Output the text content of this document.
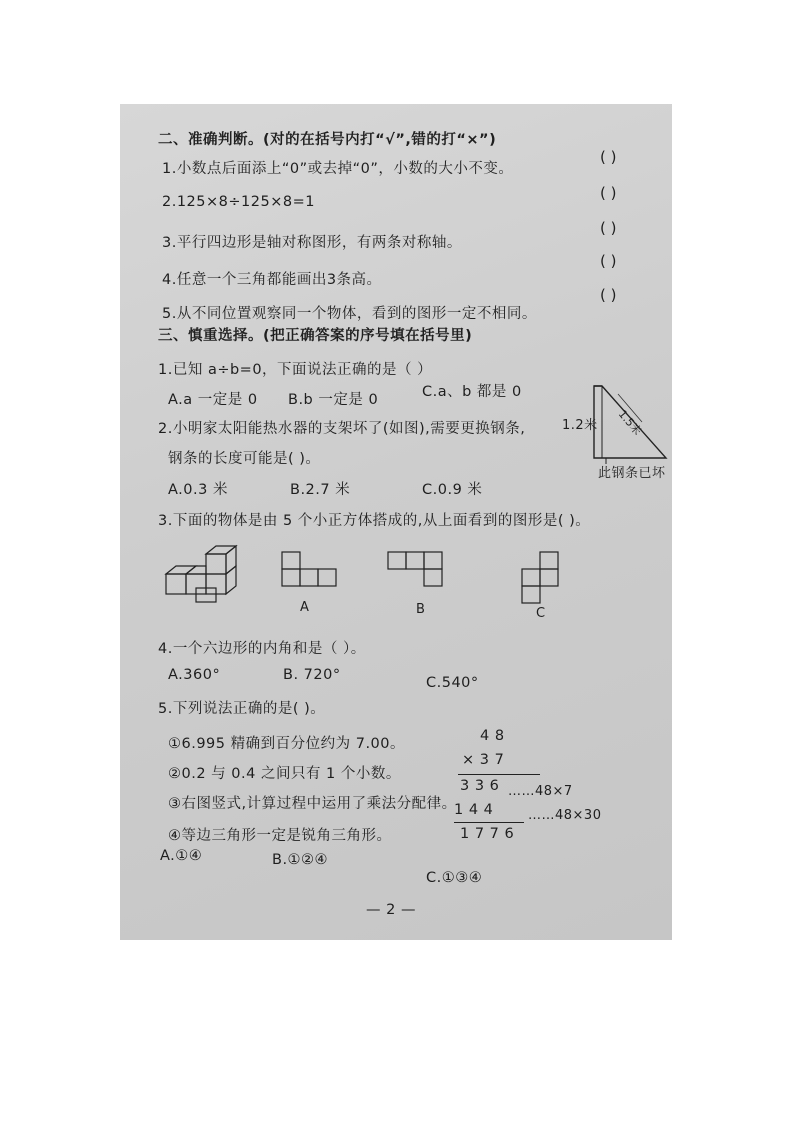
二、准确判断。(对的在括号内打“√”,错的打“×”)
1.小数点后面添上“0”或去掉“0”，小数的大小不变。
2.125×8÷125×8=1
3.平行四边形是轴对称图形，有两条对称轴。
4.任意一个三角都能画出3条高。
5.从不同位置观察同一个物体，看到的图形一定不相同。
( )
( )
( )
( )
( )
三、慎重选择。(把正确答案的序号填在括号里)
1.已知 a÷b=0，下面说法正确的是（ ）
A.a 一定是 0 B.b 一定是 0	C.a、b 都是 0
2.小明家太阳能热水器的支架坏了(如图),需要更换钢条,
钢条的长度可能是( )。
A.0.3 米	B.2.7 米	C.0.9 米
1.2米
此钢条已坏
1.5米
3.下面的物体是由 5 个小正方体搭成的,从上面看到的图形是( )。
A	B	C
4.一个六边形的内角和是（ ）。
A.360°	B. 720°	C.540°
5.下列说法正确的是( )。
①6.995 精确到百分位约为 7.00。
②0.2 与 0.4 之间只有 1 个小数。
③右图竖式,计算过程中运用了乘法分配律。
④等边三角形一定是锐角三角形。
A.①④	B.①②④
C.①③④
4 8
× 3 7
3 3 6 ……48×7
1 4 4	……48×30
1 7 7 6
— 2 —
